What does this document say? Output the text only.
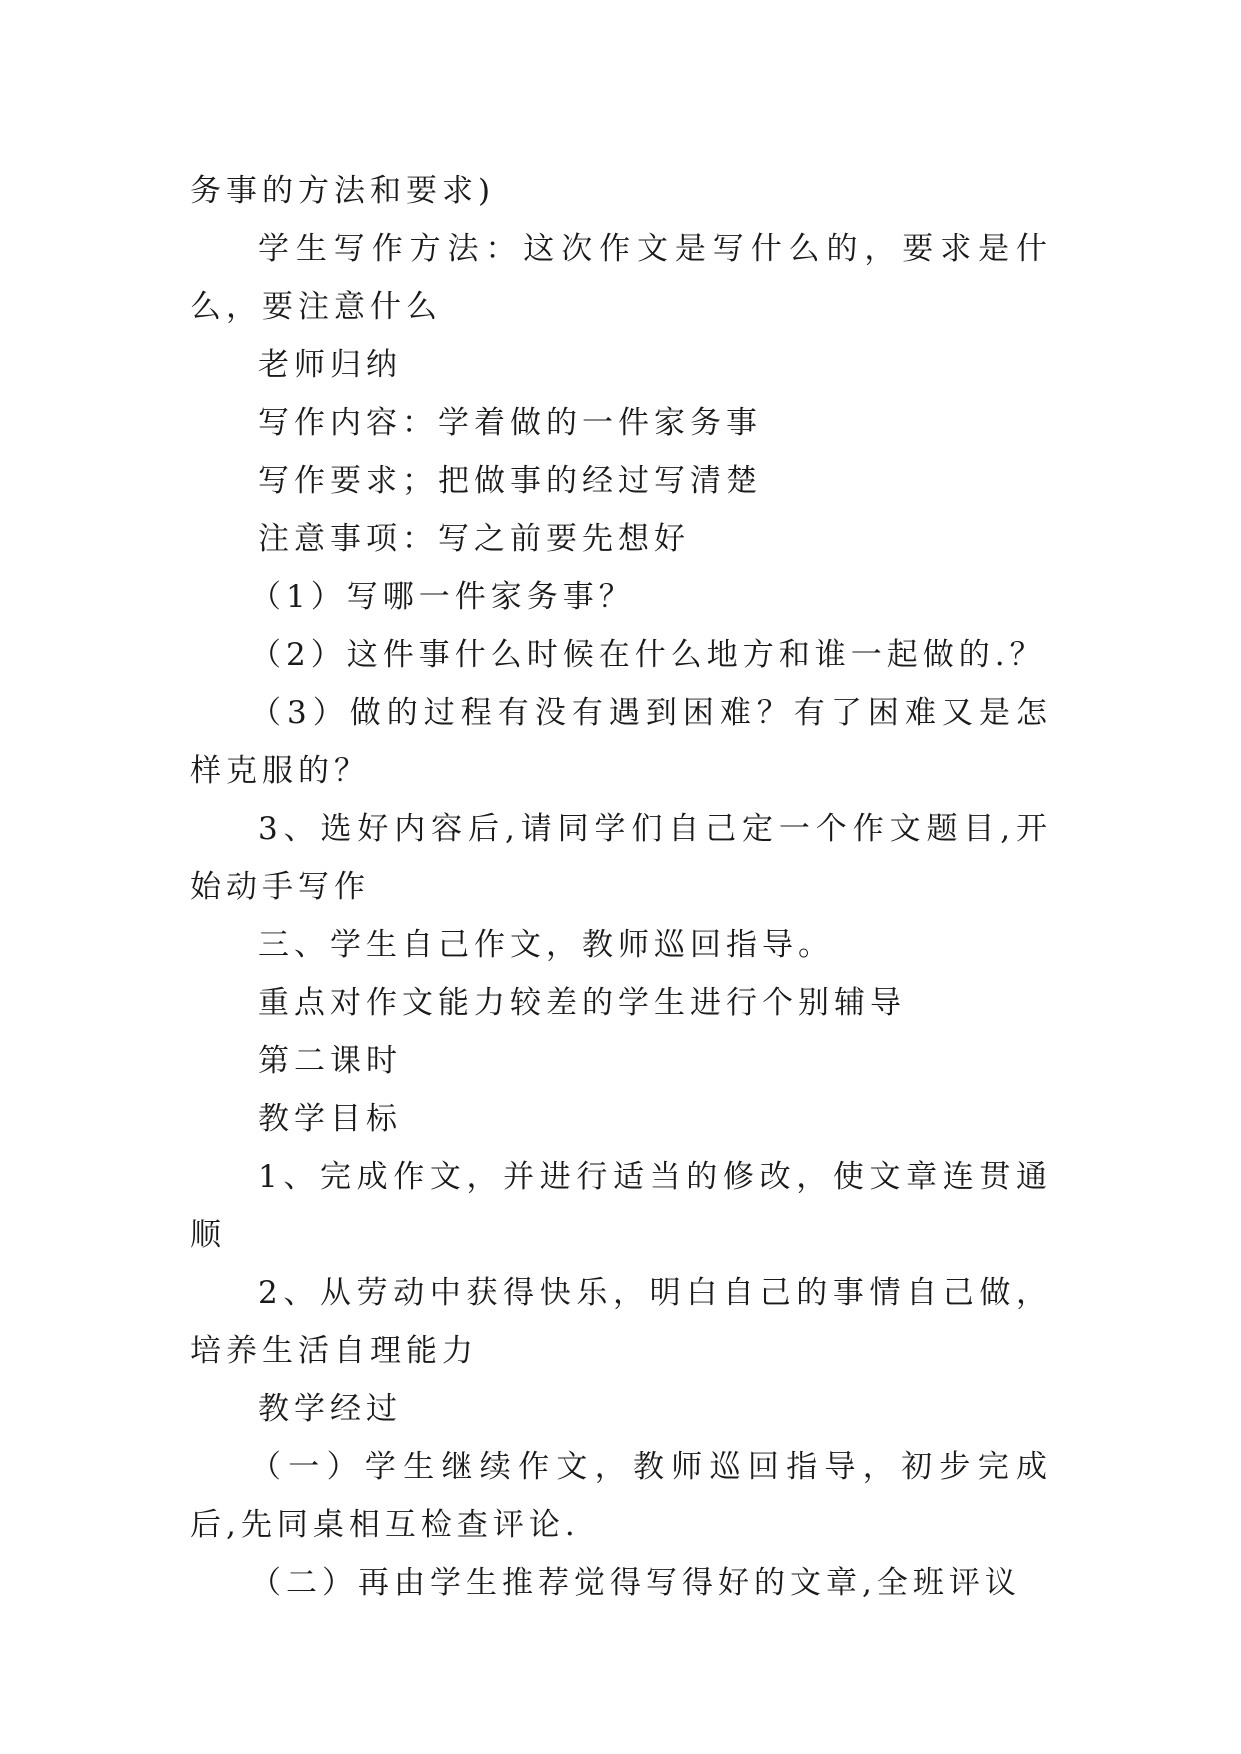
务事的方法和要求)

学生写作方法：这次作文是写什么的，要求是什么，要注意什么

老师归纳

写作内容：学着做的一件家务事

写作要求；把做事的经过写清楚

注意事项：写之前要先想好

（1）写哪一件家务事？

（2）这件事什么时候在什么地方和谁一起做的.？

（3）做的过程有没有遇到困难？有了困难又是怎样克服的？

3、选好内容后,请同学们自己定一个作文题目,开始动手写作

三、学生自己作文，教师巡回指导。

重点对作文能力较差的学生进行个别辅导

第二课时

教学目标

1、完成作文，并进行适当的修改，使文章连贯通顺

2、从劳动中获得快乐，明白自己的事情自己做，培养生活自理能力

教学经过

（一）学生继续作文，教师巡回指导，初步完成后,先同桌相互检查评论.

（二）再由学生推荐觉得写得好的文章,全班评议
